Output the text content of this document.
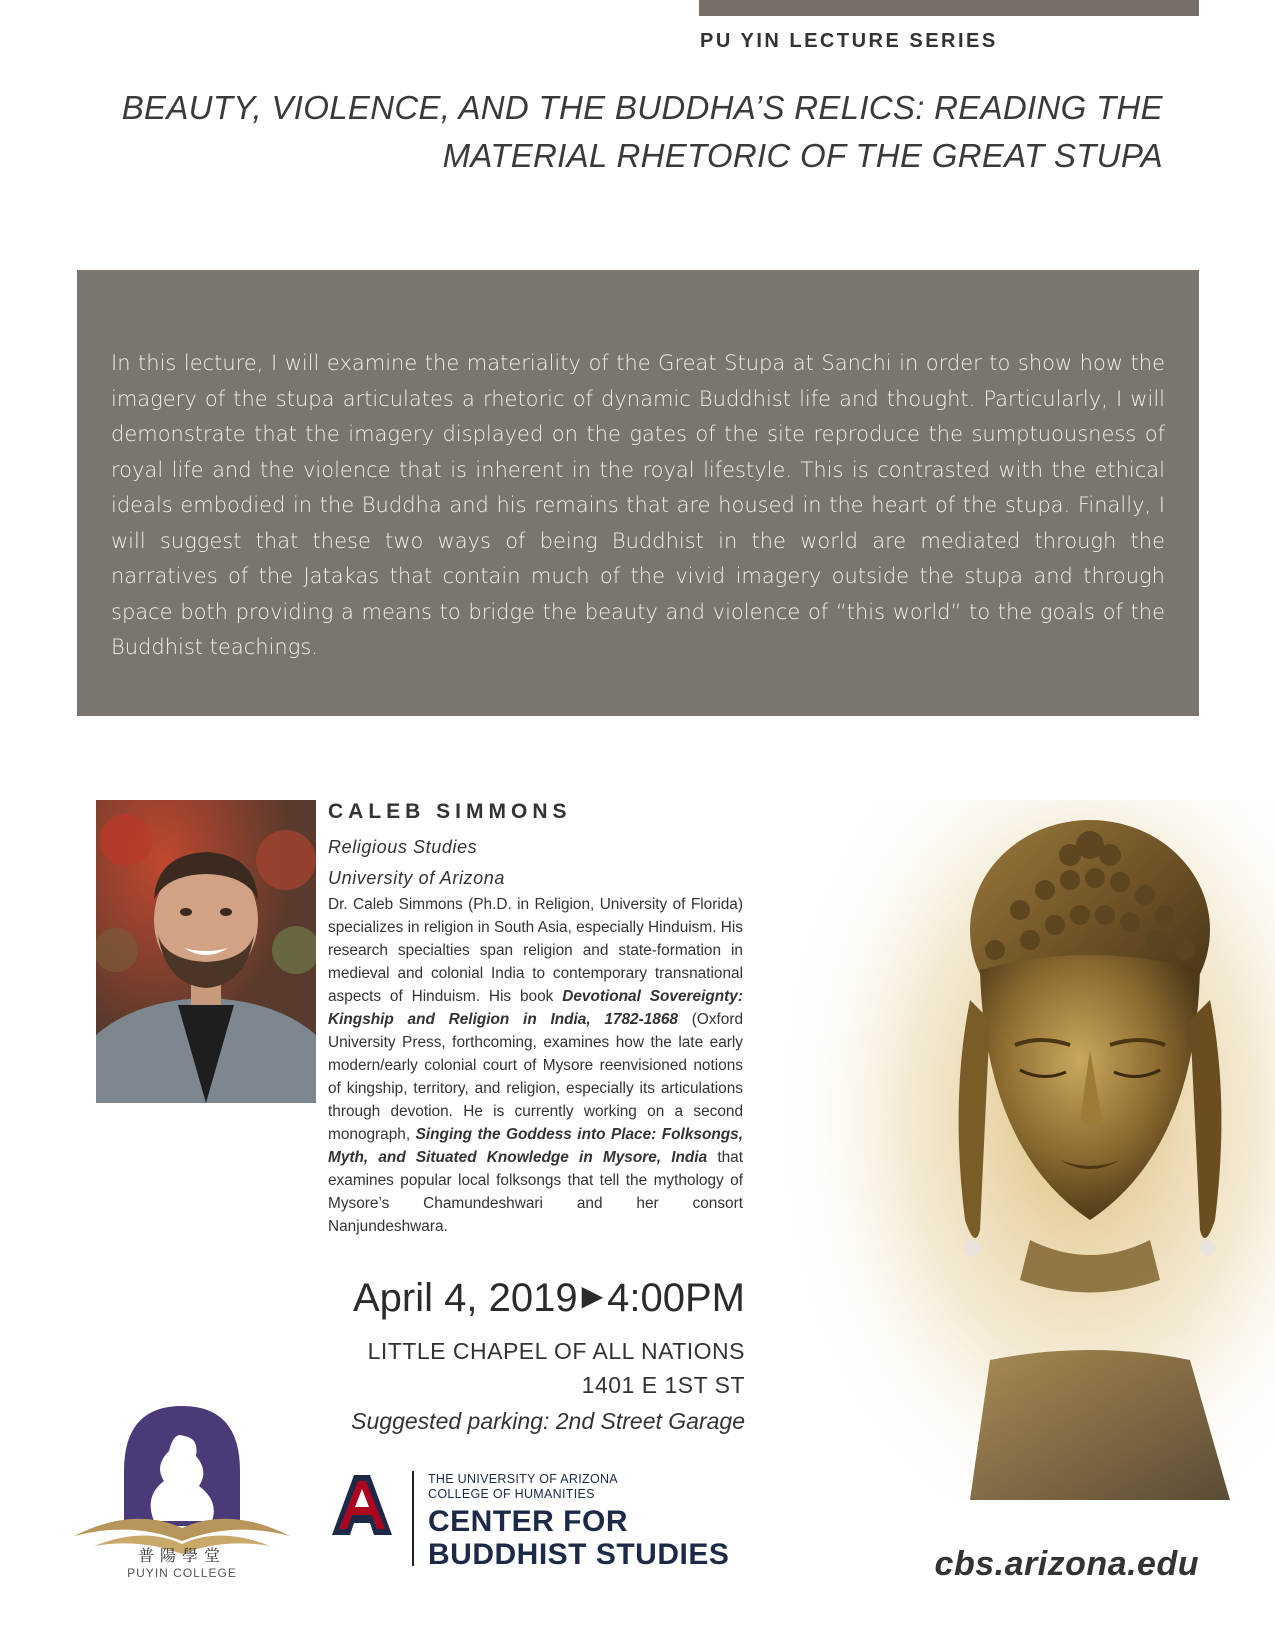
PU YIN LECTURE SERIES
BEAUTY, VIOLENCE, AND THE BUDDHA’S RELICS: READING THE
MATERIAL RHETORIC OF THE GREAT STUPA
In this lecture, I will examine the materiality of the Great Stupa at Sanchi in order to show how the imagery of the stupa articulates a rhetoric of dynamic Buddhist life and thought. Particularly, I will demonstrate that the imagery displayed on the gates of the site reproduce the sumptuousness of royal life and the violence that is inherent in the royal lifestyle. This is contrasted with the ethical ideals embodied in the Buddha and his remains that are housed in the heart of the stupa. Finally, I will suggest that these two ways of being Buddhist in the world are mediated through the narratives of the Jatakas that contain much of the vivid imagery outside the stupa and through space both providing a means to bridge the beauty and violence of “this world” to the goals of the Buddhist teachings.
CALEB SIMMONS
Religious Studies
University of Arizona
Dr. Caleb Simmons (Ph.D. in Religion, University of Florida) specializes in religion in South Asia, especially Hinduism. His research specialties span religion and state-formation in medieval and colonial India to contemporary transnational aspects of Hinduism. His book Devotional Sovereignty: Kingship and Religion in India, 1782-1868 (Oxford University Press, forthcoming, examines how the late early modern/early colonial court of Mysore reenvisioned notions of kingship, territory, and religion, especially its articulations through devotion. He is currently working on a second monograph, Singing the Goddess into Place: Folksongs, Myth, and Situated Knowledge in Mysore, India that examines popular local folksongs that tell the mythology of Mysore’s Chamundeshwari and her consort Nanjundeshwara.
April 4, 2019 ▶ 4:00PM
LITTLE CHAPEL OF ALL NATIONS
1401 E 1ST ST
Suggested parking: 2nd Street Garage
普陽學堂
PUYIN COLLEGE
A
THE UNIVERSITY OF ARIZONA
COLLEGE OF HUMANITIES
CENTER FOR
BUDDHIST STUDIES	cbs.arizona.edu
